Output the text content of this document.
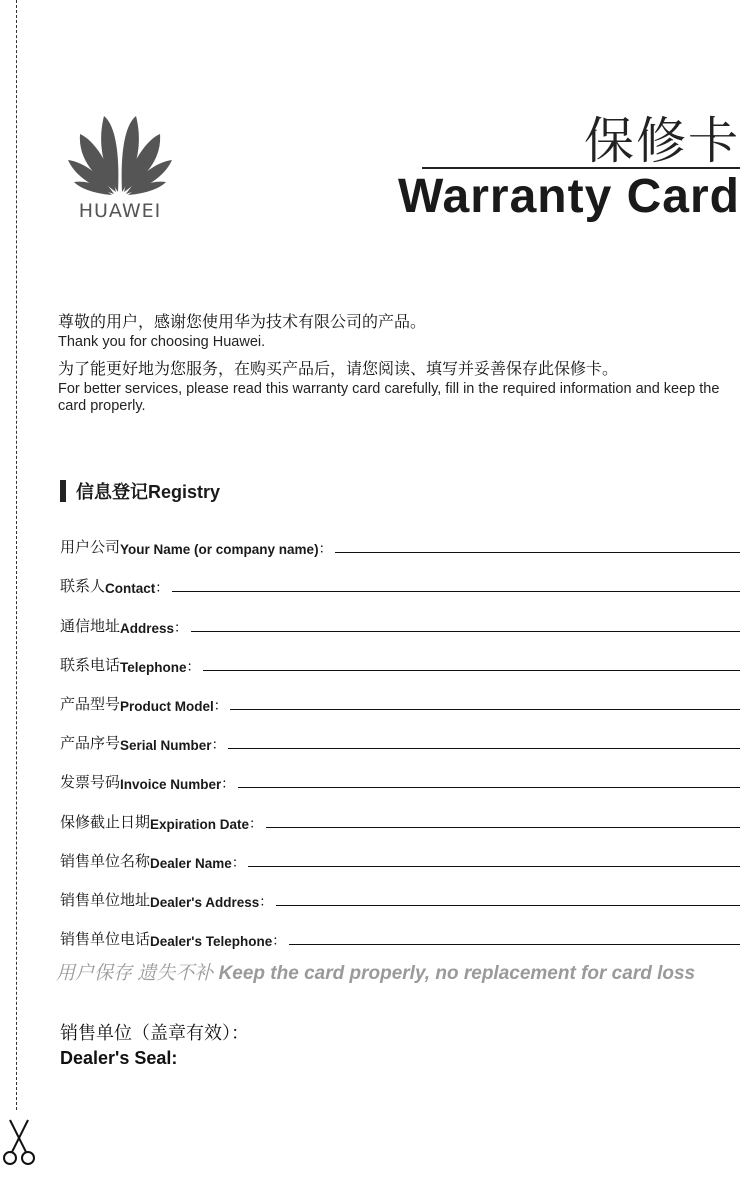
HUAWEI
保修卡
Warranty Card
尊敬的用户，感谢您使用华为技术有限公司的产品。
Thank you for choosing Huawei.
为了能更好地为您服务，在购买产品后，请您阅读、填写并妥善保存此保修卡。
For better services, please read this warranty card carefully, fill in the required information and keep the card properly.
信息登记Registry
用户公司 Your Name (or company name) ：
联系人 Contact ：
通信地址 Address ：
联系电话 Telephone ：
产品型号 Product Model ：
产品序号 Serial Number ：
发票号码 Invoice Number ：
保修截止日期 Expiration Date ：
销售单位名称 Dealer Name ：
销售单位地址 Dealer's Address ：
销售单位电话 Dealer's Telephone ：
用户保存 遗失不补 Keep the card properly, no replacement for card loss
销售单位（盖章有效）：
Dealer's Seal:
